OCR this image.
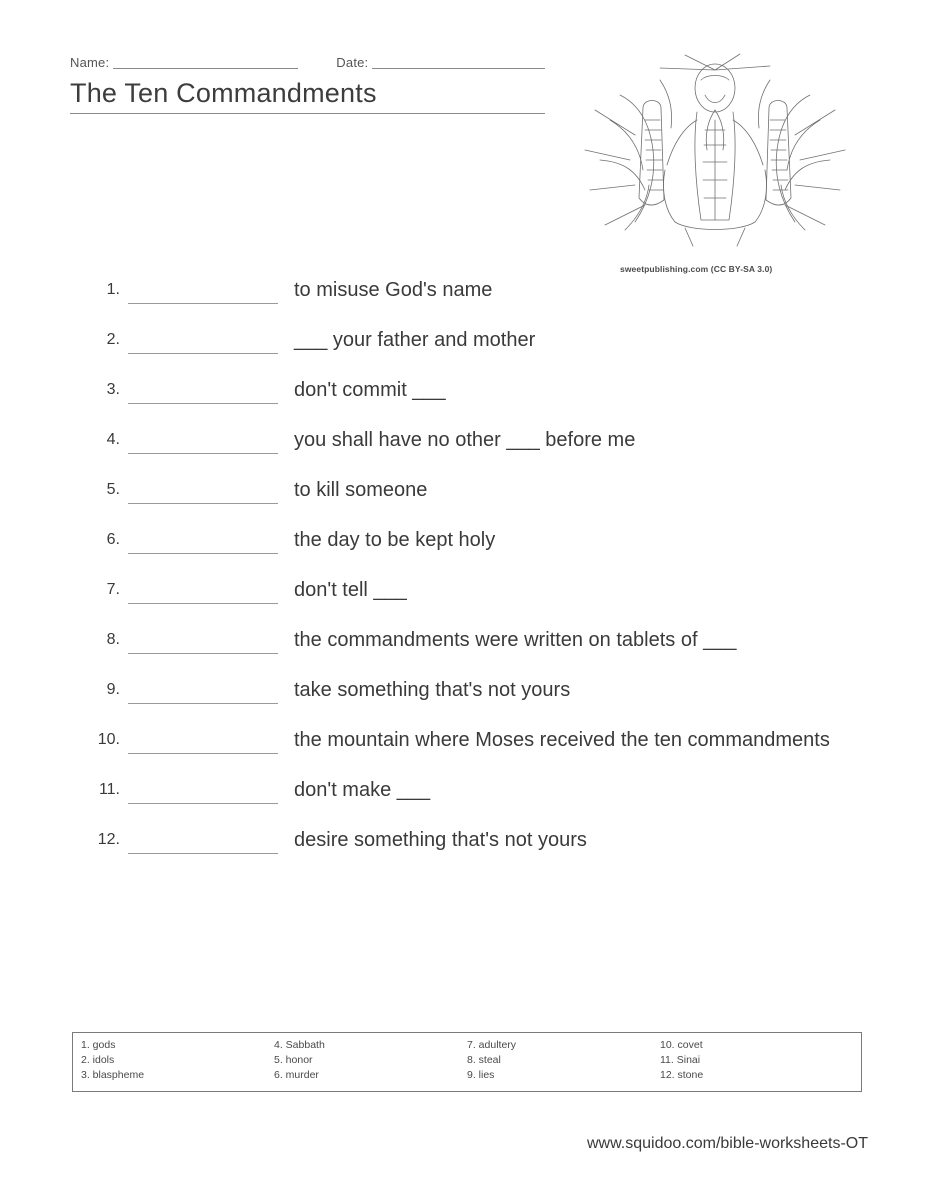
Name:	Date:
The Ten Commandments
sweetpublishing.com (CC BY-SA 3.0)
1.	to misuse God's name
2.	___ your father and mother
3.	don't commit ___
4.	you shall have no other ___ before me
5.	to kill someone
6.	the day to be kept holy
7.	don't tell ___
8.	the commandments were written on tablets of ___
9.	take something that's not yours
10.	the mountain where Moses received the ten commandments
11.	don't make ___
12.	desire something that's not yours
1. gods
2. idols
3. blaspheme
4. Sabbath
5. honor
6. murder
7. adultery
8. steal
9. lies
10. covet
11. Sinai
12. stone
www.squidoo.com/bible-worksheets-OT
